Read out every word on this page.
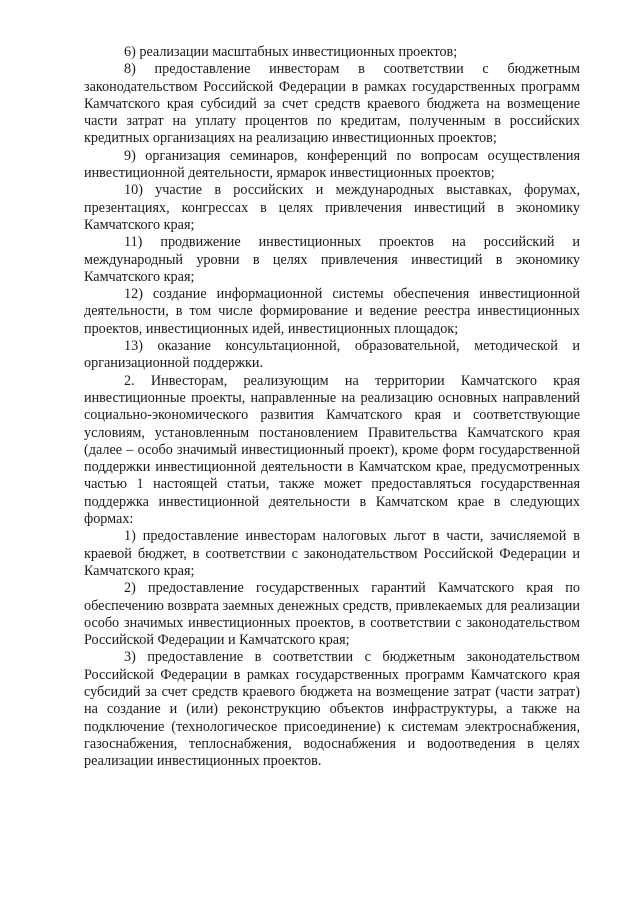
· · ·

6) реализации масштабных инвестиционных проектов;

8) предоставление инвесторам в соответствии с бюджетным законодательством Российской Федерации в рамках государственных программ Камчатского края субсидий за счет средств краевого бюджета на возмещение части затрат на уплату процентов по кредитам, полученным в российских кредитных организациях на реализацию инвестиционных проектов;

9) организация семинаров, конференций по вопросам осуществления инвестиционной деятельности, ярмарок инвестиционных проектов;

10) участие в российских и международных выставках, форумах, презентациях, конгрессах в целях привлечения инвестиций в экономику Камчатского края;

11) продвижение инвестиционных проектов на российский и международный уровни в целях привлечения инвестиций в экономику Камчатского края;

12) создание информационной системы обеспечения инвестиционной деятельности, в том числе формирование и ведение реестра инвестиционных проектов, инвестиционных идей, инвестиционных площадок;

13) оказание консультационной, образовательной, методической и организационной поддержки.

2. Инвесторам, реализующим на территории Камчатского края инвестиционные проекты, направленные на реализацию основных направлений социально-экономического развития Камчатского края и соответствующие условиям, установленным постановлением Правительства Камчатского края (далее – особо значимый инвестиционный проект), кроме форм государственной поддержки инвестиционной деятельности в Камчатском крае, предусмотренных частью 1 настоящей статьи, также может предоставляться государственная поддержка инвестиционной деятельности в Камчатском крае в следующих формах:

1) предоставление инвесторам налоговых льгот в части, зачисляемой в краевой бюджет, в соответствии с законодательством Российской Федерации и Камчатского края;

2) предоставление государственных гарантий Камчатского края по обеспечению возврата заемных денежных средств, привлекаемых для реализации особо значимых инвестиционных проектов, в соответствии с законодательством Российской Федерации и Камчатского края;

3) предоставление в соответствии с бюджетным законодательством Российской Федерации в рамках государственных программ Камчатского края субсидий за счет средств краевого бюджета на возмещение затрат (части затрат) на создание и (или) реконструкцию объектов инфраструктуры, а также на подключение (технологическое присоединение) к системам электроснабжения, газоснабжения, теплоснабжения, водоснабжения и водоотведения в целях реализации инвестиционных проектов.
